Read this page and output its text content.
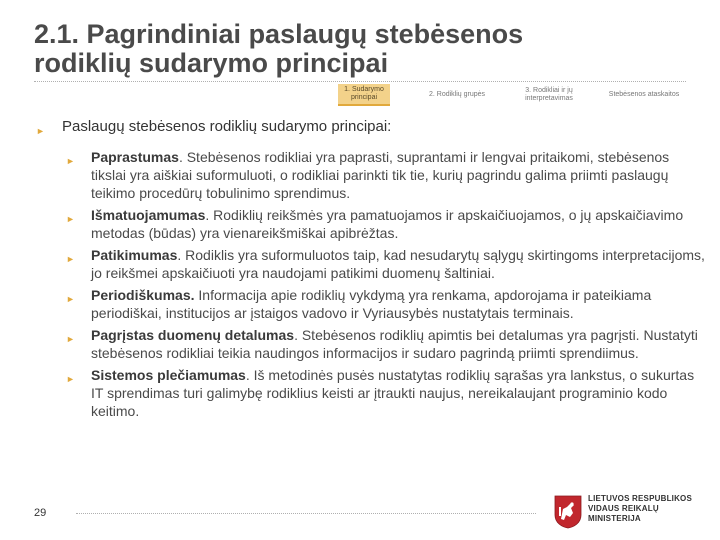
2.1. Pagrindiniai paslaugų stebėsenos
rodiklių sudarymo principai
1. Sudarymo
principai	2. Rodiklių grupės
3. Rodikliai ir jų
interpretavimas
Stebėsenos ataskaitos
► Paslaugų stebėsenos rodiklių sudarymo principai:
► Paprastumas. Stebėsenos rodikliai yra paprasti, suprantami ir lengvai pritaikomi, stebėsenos tikslai yra aiškiai suformuluoti, o rodikliai parinkti tik tie, kurių pagrindu galima priimti paslaugų teikimo procedūrų tobulinimo sprendimus.
► Išmatuojamumas. Rodiklių reikšmės yra pamatuojamos ir apskaičiuojamos, o jų apskaičiavimo metodas (būdas) yra vienareikšmiškai apibrėžtas.
► Patikimumas. Rodiklis yra suformuluotos taip, kad nesudarytų sąlygų skirtingoms interpretacijoms, jo reikšmei apskaičiuoti yra naudojami patikimi duomenų šaltiniai.
► Periodiškumas. Informacija apie rodiklių vykdymą yra renkama, apdorojama ir pateikiama periodiškai, institucijos ar įstaigos vadovo ir Vyriausybės nustatytais terminais.
► Pagrįstas duomenų detalumas. Stebėsenos rodiklių apimtis bei detalumas yra pagrįsti. Nustatyti stebėsenos rodikliai teikia naudingos informacijos ir sudaro pagrindą priimti sprendiimus.
► Sistemos plečiamumas. Iš metodinės pusės nustatytas rodiklių sąrašas yra lankstus, o sukurtas IT sprendimas turi galimybę rodiklius keisti ar įtraukti naujus, nereikalaujant programinio kodo keitimo.
29
LIETUVOS RESPUBLIKOS
VIDAUS REIKALŲ
MINISTERIJA
